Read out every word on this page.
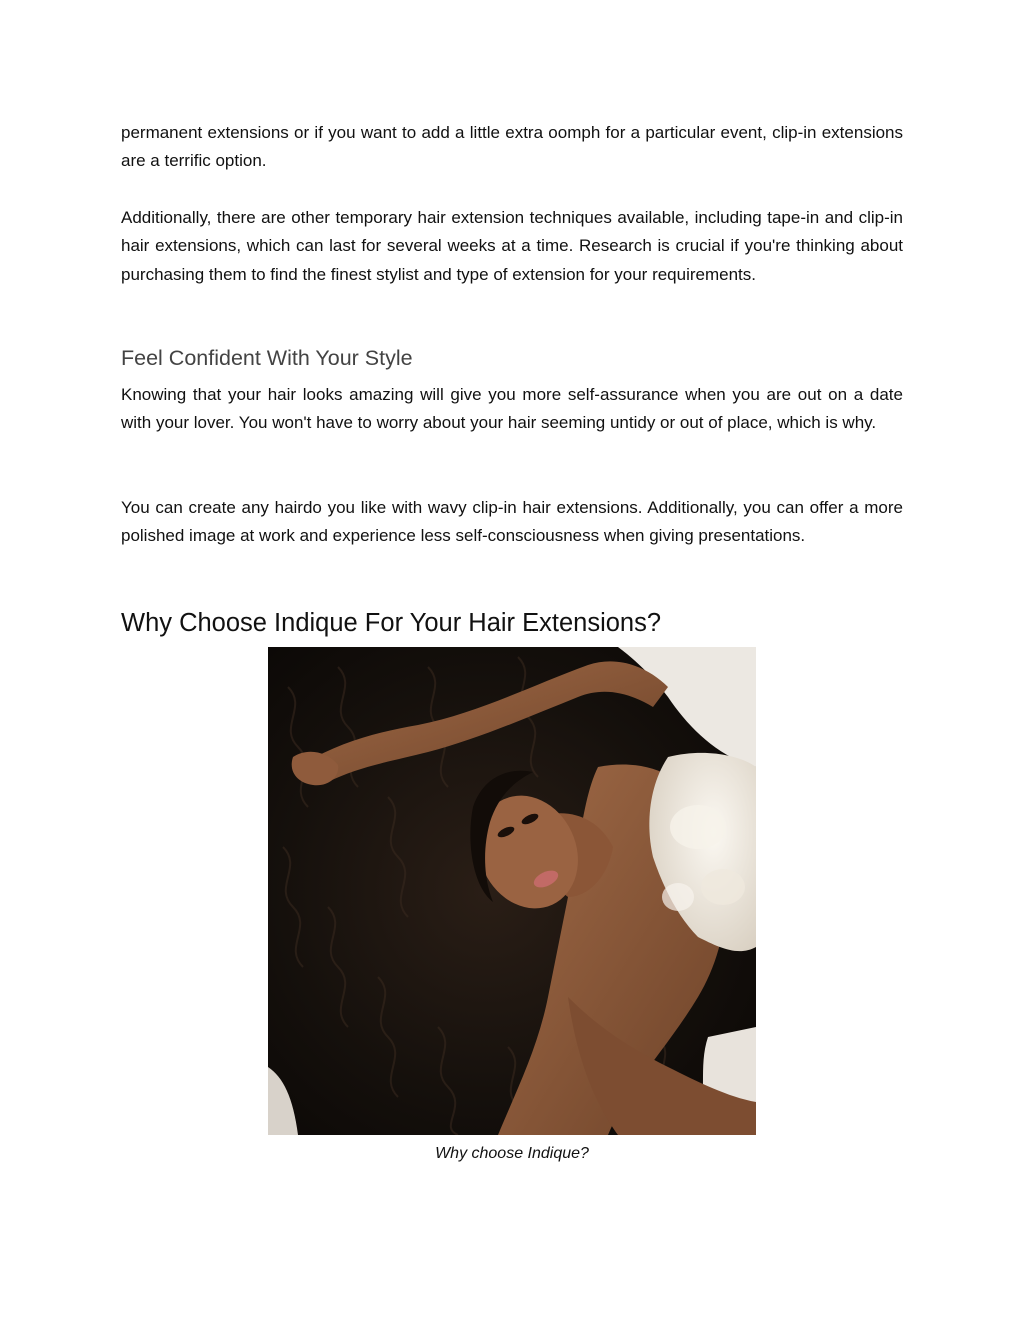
permanent extensions or if you want to add a little extra oomph for a particular event, clip-in extensions are a terrific option.

Additionally, there are other temporary hair extension techniques available, including tape-in and clip-in hair extensions, which can last for several weeks at a time. Research is crucial if you're thinking about purchasing them to find the finest stylist and type of extension for your requirements.

Feel Confident With Your Style

Knowing that your hair looks amazing will give you more self-assurance when you are out on a date with your lover. You won't have to worry about your hair seeming untidy or out of place, which is why.

You can create any hairdo you like with wavy clip-in hair extensions. Additionally, you can offer a more polished image at work and experience less self-consciousness when giving presentations.

Why Choose Indique For Your Hair Extensions?

Why choose Indique?
